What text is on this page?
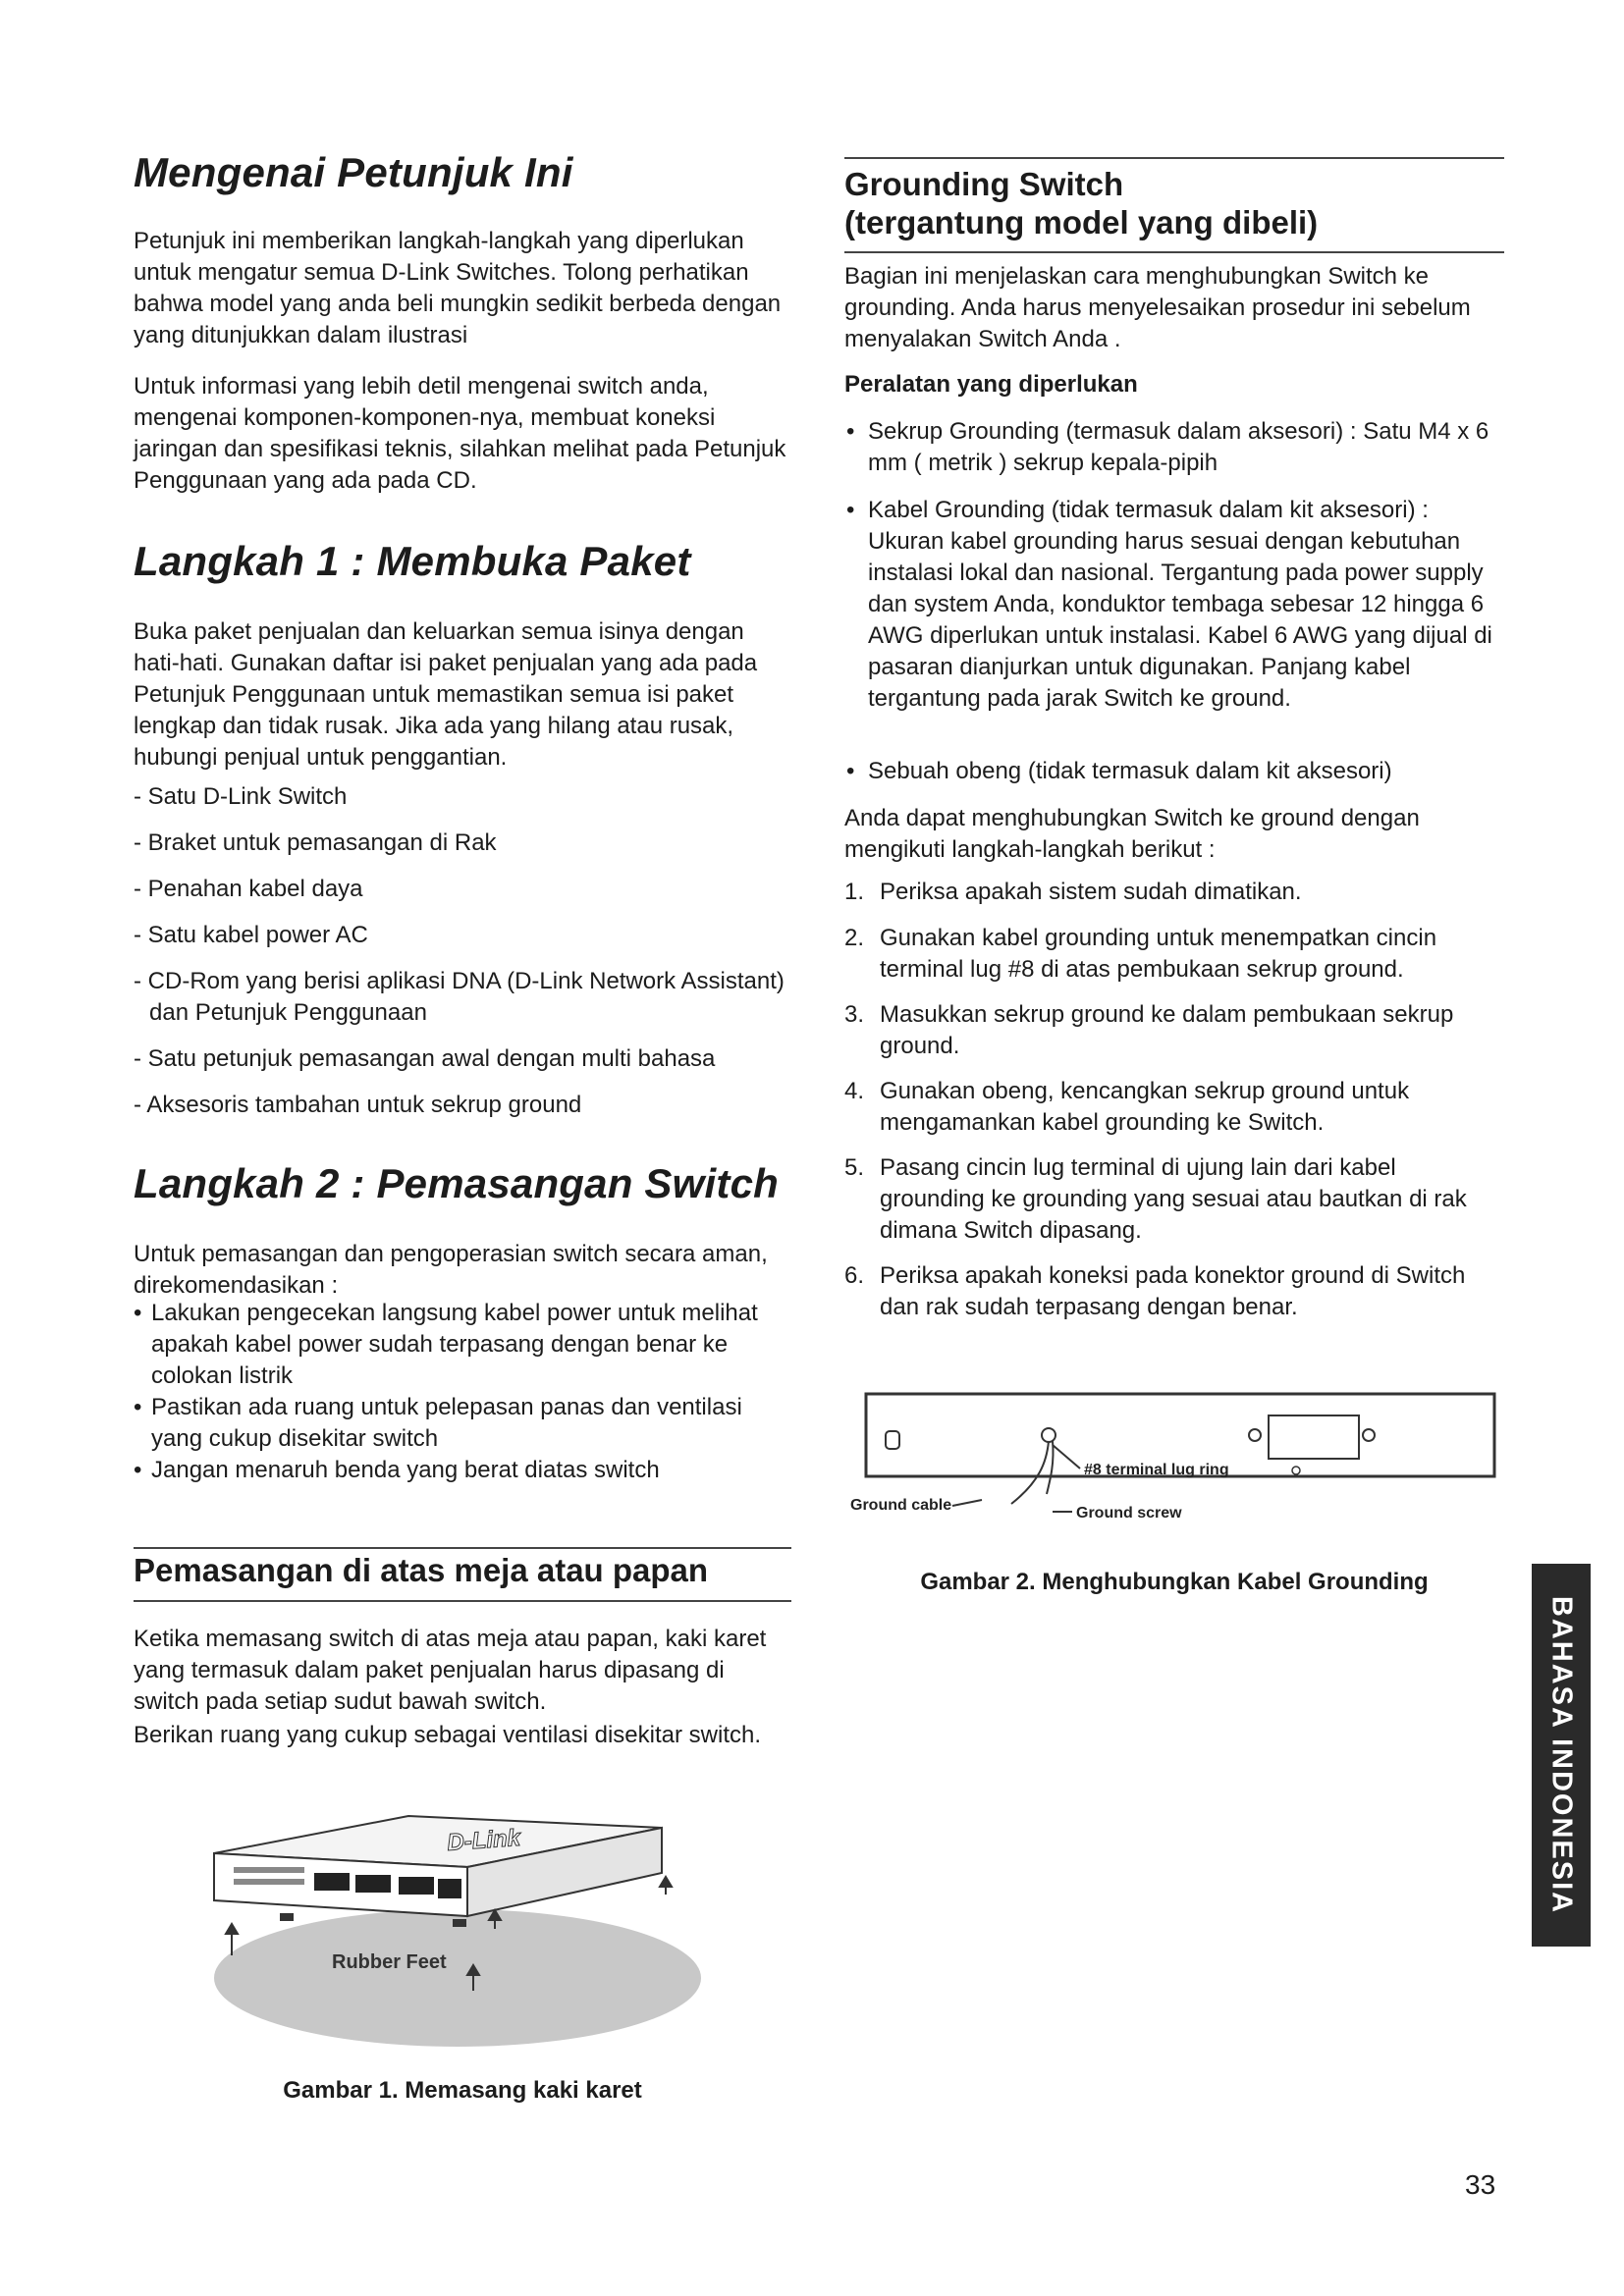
Mengenai Petunjuk Ini

Petunjuk ini memberikan langkah-langkah yang diperlukan untuk mengatur semua D-Link Switches. Tolong perhatikan bahwa model yang anda beli mungkin sedikit berbeda dengan yang ditunjukkan dalam ilustrasi

Untuk informasi yang lebih detil mengenai switch anda, mengenai komponen-komponen-nya, membuat koneksi jaringan dan spesifikasi teknis, silahkan melihat pada Petunjuk Penggunaan yang ada pada CD.

Langkah 1 : Membuka Paket

Buka paket penjualan dan keluarkan semua isinya dengan hati-hati. Gunakan daftar isi paket penjualan yang ada pada Petunjuk Penggunaan untuk memastikan semua isi paket lengkap dan tidak rusak. Jika ada yang hilang atau rusak, hubungi penjual untuk penggantian.

- Satu D-Link Switch
- Braket untuk pemasangan di Rak
- Penahan kabel daya
- Satu kabel power AC
- CD-Rom yang berisi aplikasi DNA (D-Link Network Assistant) dan Petunjuk Penggunaan
- Satu petunjuk pemasangan awal dengan multi bahasa
- Aksesoris tambahan untuk sekrup ground
Langkah 2 : Pemasangan Switch

Untuk pemasangan dan pengoperasian switch secara aman, direkomendasikan :

• Lakukan pengecekan langsung kabel power untuk melihat apakah kabel power sudah terpasang dengan benar ke colokan listrik
• Pastikan ada ruang untuk pelepasan panas dan ventilasi yang cukup disekitar switch
• Jangan menaruh benda yang berat diatas switch
Pemasangan di atas meja atau papan

Ketika memasang switch di atas meja atau papan, kaki karet yang termasuk dalam paket penjualan harus dipasang di switch pada setiap sudut bawah switch.

Berikan ruang yang cukup sebagai ventilasi disekitar switch.

D-Link
Rubber Feet
Gambar 1. Memasang kaki karet
Grounding Switch
(tergantung model yang dibeli)

Bagian ini menjelaskan cara menghubungkan Switch ke grounding. Anda harus menyelesaikan prosedur ini sebelum menyalakan Switch Anda .

Peralatan yang diperlukan
• Sekrup Grounding (termasuk dalam aksesori) : Satu M4 x 6 mm ( metrik ) sekrup kepala-pipih
• Kabel Grounding (tidak termasuk dalam kit aksesori) : Ukuran kabel grounding harus sesuai dengan kebutuhan instalasi lokal dan nasional. Tergantung pada power supply dan system Anda, konduktor tembaga sebesar 12 hingga 6 AWG diperlukan untuk instalasi. Kabel 6 AWG yang dijual di pasaran dianjurkan untuk digunakan. Panjang kabel tergantung pada jarak Switch ke ground.
• Sebuah obeng (tidak termasuk dalam kit aksesori)

Anda dapat menghubungkan Switch ke ground dengan mengikuti langkah-langkah berikut :

1. Periksa apakah sistem sudah dimatikan.
2. Gunakan kabel grounding untuk menempatkan cincin terminal lug #8 di atas pembukaan sekrup ground.
3. Masukkan sekrup ground ke dalam pembukaan sekrup ground.
4. Gunakan obeng, kencangkan sekrup ground untuk mengamankan kabel grounding ke Switch.
5. Pasang cincin lug terminal di ujung lain dari kabel grounding ke grounding yang sesuai atau bautkan di rak dimana Switch dipasang.
6. Periksa apakah koneksi pada konektor ground di Switch dan rak sudah terpasang dengan benar.
#8 terminal lug ring
Ground cable	Ground screw
Gambar 2. Menghubungkan Kabel Grounding
BAHASA INDONESIA
33
